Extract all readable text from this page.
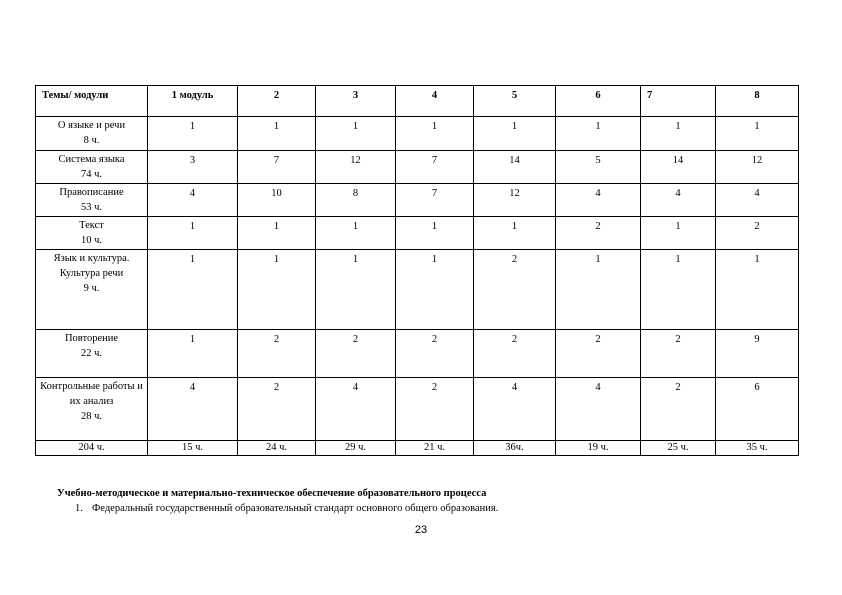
Темы/ модули	1 модуль	2	3	4	5	6	7	8

О языке и речи
8 ч.	1	1	1	1	1	1	1	1

Система языка
74 ч.	3	7	12	7	14	5	14	12

Правописание
53 ч.	4	10	8	7	12	4	4	4

Текст
10 ч.	1	1	1	1	1	2	1	2

Язык и культура. Культура речи
9 ч.	1	1	1	1	2	1	1	1

Повторение
22 ч.	1	2	2	2	2	2	2	9

Контрольные работы и их анализ
28 ч.	4	2	4	2	4	4	2	6
204 ч.	15 ч.	24 ч.	29 ч.	21 ч.	36ч.	19 ч.	25 ч.	35 ч.
Учебно-методическое и материально-техническое обеспечение образовательного процесса
1. Федеральный государственный образовательный стандарт основного общего образования.
23
